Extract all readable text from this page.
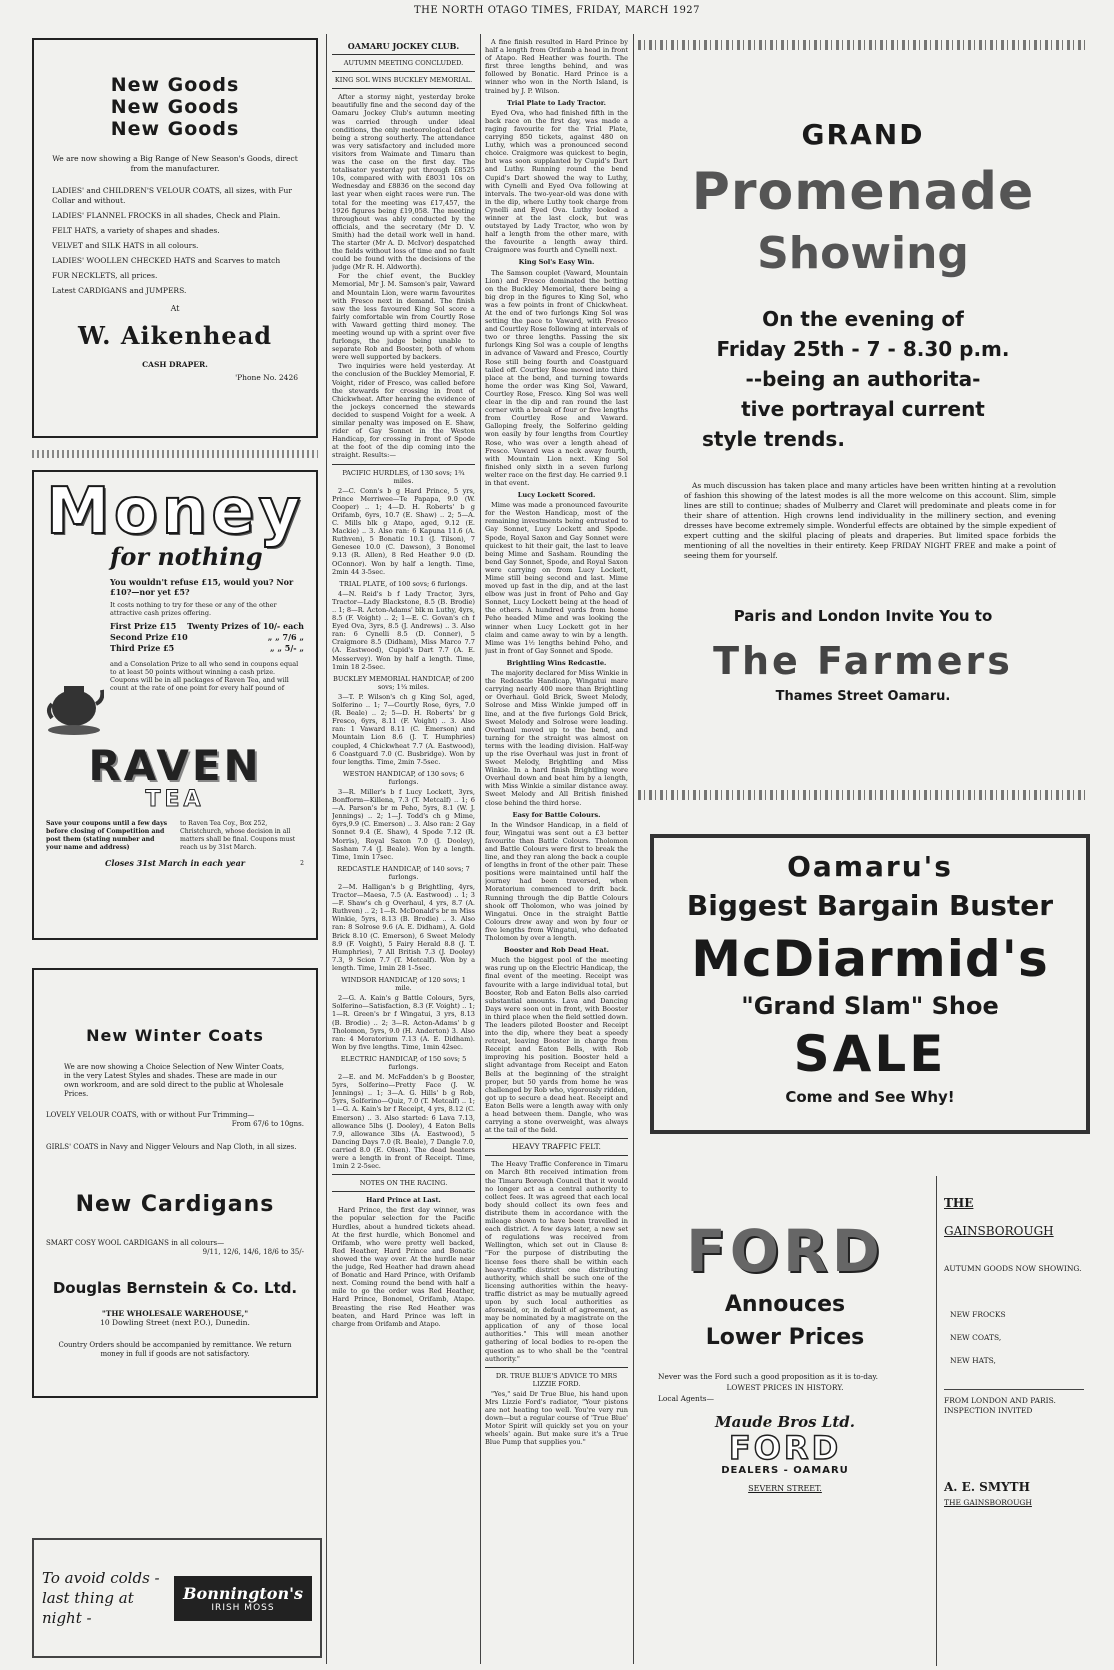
THE NORTH OTAGO TIMES, FRIDAY, MARCH 1927
New Goods
New Goods
New Goods

We are now showing a Big Range of New Season's Goods, direct from the manufacturer.

LADIES' and CHILDREN'S VELOUR COATS, all sizes, with Fur Collar and without.

LADIES' FLANNEL FROCKS in all shades, Check and Plain.

FELT HATS, a variety of shapes and shades.

VELVET and SILK HATS in all colours.

LADIES' WOOLLEN CHECKED HATS and Scarves to match

FUR NECKLETS, all prices.

Latest CARDIGANS and JUMPERS.

At
W. Aikenhead
CASH DRAPER.
'Phone No. 2426
Money
for nothing

You wouldn't refuse £15, would you? Nor £10?—nor yet £5?

It costs nothing to try for these or any of the other attractive cash prizes offering.

First Prize £15 Twenty Prizes of 10/- each
Second Prize £10	„ „ 7/6 „
Third Prize £5	„ „ 5/- „

and a Consolation Prize to all who send in coupons equal to at least 50 points without winning a cash prize. Coupons will be in all packages of Raven Tea, and will count at the rate of one point for every half pound of

RAVEN
TEA

Save your coupons until a few days before closing of Competition and post them (stating number and your name and address)

to Raven Tea Coy., Box 252, Christchurch, whose decision in all matters shall be final. Coupons must reach us by 31st March.

Closes 31st March in each year	2
New Winter Coats

We are now showing a Choice Selection of New Winter Coats, in the very Latest Styles and shades. These are made in our own workroom, and are sold direct to the public at Wholesale Prices.

LOVELY VELOUR COATS, with or without Fur Trimming—

From 67/6 to 10gns.

GIRLS' COATS in Navy and Nigger Velours and Nap Cloth, in all sizes.

New Cardigans

SMART COSY WOOL CARDIGANS in all colours—

9/11, 12/6, 14/6, 18/6 to 35/-

Douglas Bernstein & Co. Ltd.
"THE WHOLESALE WAREHOUSE,"
10 Dowling Street (next P.O.), Dunedin.

Country Orders should be accompanied by remittance. We return money in full if goods are not satisfactory.

To avoid colds -
last thing at night -
Bonnington's
IRISH MOSS
OAMARU JOCKEY CLUB.
AUTUMN MEETING CONCLUDED.
KING SOL WINS BUCKLEY MEMORIAL.

After a stormy night, yesterday broke beautifully fine and the second day of the Oamaru Jockey Club's autumn meeting was carried through under ideal conditions, the only meteorological defect being a strong southerly. The attendance was very satisfactory and included more visitors from Waimate and Timaru than was the case on the first day. The totalisator yesterday put through £8525 10s, compared with with £8031 10s on Wednesday and £8836 on the second day last year when eight races were run. The total for the meeting was £17,457, the 1926 figures being £19,058. The meeting throughout was ably conducted by the officials, and the secretary (Mr D. V. Smith) had the detail work well in hand. The starter (Mr A. D. McIvor) despatched the fields without loss of time and no fault could be found with the decisions of the judge (Mr R. H. Aldworth).

For the chief event, the Buckley Memorial, Mr J. M. Samson's pair, Vaward and Mountain Lion, were warm favourites with Fresco next in demand. The finish saw the less favoured King Sol score a fairly comfortable win from Courtly Rose with Vaward getting third money. The meeting wound up with a sprint over five furlongs, the judge being unable to separate Rob and Booster, both of whom were well supported by backers.

Two inquiries were held yesterday. At the conclusion of the Buckley Memorial, F. Voight, rider of Fresco, was called before the stewards for crossing in front of Chickwheat. After hearing the evidence of the jockeys concerned the stewards decided to suspend Voight for a week. A similar penalty was imposed on E. Shaw, rider of Gay Sonnet in the Weston Handicap, for crossing in front of Spode at the foot of the dip coming into the straight. Results:—

PACIFIC HURDLES, of 130 sovs; 1¾ miles.

2—C. Conn's b g Hard Prince, 5 yrs, Prince Merriwee—Te Papapa, 9.0 (W. Cooper) .. 1; 4—D. H. Roberts' b g Orifamb, 6yrs, 10.7 (E. Shaw) .. 2; 5—A. C. Mills blk g Atapo, aged, 9.12 (E. Mackie) .. 3. Also ran: 6 Kapuna 11.6 (A. Ruthven), 5 Bonatic 10.1 (J. Tilson), 7 Genesee 10.0 (C. Dawson), 3 Bonomel 9.13 (R. Allen), 8 Red Heather 9.0 (D. OConnor). Won by half a length. Time, 2min 44 3-5sec.

TRIAL PLATE, of 100 sovs; 6 furlongs.

4—N. Reid's b f Lady Tractor, 3yrs, Tractor—Lady Blackstone, 8.5 (B. Brodie) .. 1; 8—R. Acton-Adams' blk m Luthy, 4yrs, 8.5 (F. Voight) .. 2; 1—E. C. Govan's ch f Eyed Ova, 3yrs, 8.5 (J. Andrews) .. 3. Also ran: 6 Cynelli 8.5 (D. Conner), 5 Craigmore 8.5 (Didham), Miss Marco 7.7 (A. Eastwood), Cupid's Dart 7.7 (A. E. Messervey). Won by half a length. Time, 1min 18 2-5sec.

BUCKLEY MEMORIAL HANDICAP, of 200 sovs; 1¼ miles.

3—T. P. Wilson's ch g King Sol, aged, Solferino .. 1; 7—Courtly Rose, 6yrs, 7.0 (R. Beale) .. 2; 5—D. H. Roberts' br g Fresco, 6yrs, 8.11 (F. Voight) .. 3. Also ran: 1 Vaward 8.11 (C. Emerson) and Mountain Lion 8.6 (J. T. Humphries) coupled, 4 Chickwheat 7.7 (A. Eastwood), 6 Coastguard 7.0 (C. Busbridge). Won by four lengths. Time, 2min 7-5sec.

WESTON HANDICAP, of 130 sovs; 6 furlongs.

3—R. Miller's b f Lucy Lockett, 3yrs, Bonfform—Killena, 7.3 (T. Metcalf) .. 1; 6—A. Parson's br m Peho, 5yrs, 8.1 (W. J. Jennings) .. 2; 1—J. Todd's ch g Mime, 6yrs,9.9 (C. Emerson) .. 3. Also ran: 2 Gay Sonnet 9.4 (E. Shaw), 4 Spode 7.12 (R. Morris), Royal Saxon 7.0 (J. Dooley), Sasham 7.4 (J. Beale). Won by a length. Time, 1min 17sec.

REDCASTLE HANDICAP, of 140 sovs; 7 furlongs.

2—M. Halligan's b g Brightling, 4yrs, Tractor—Maesa, 7.5 (A. Eastwood) .. 1; 3—F. Shaw's ch g Overhaul, 4 yrs, 8.7 (A. Ruthven) .. 2; 1—R. McDonald's br m Miss Winkie, 5yrs, 8.13 (B. Brodie) .. 3. Also ran: 8 Solrose 9.6 (A. E. Didham), A. Gold Brick 8.10 (C. Emerson), 6 Sweet Melody 8.9 (F. Voight), 5 Fairy Herald 8.8 (J. T. Humphries), 7 All British 7.3 (J. Dooley) 7.3, 9 Scion 7.7 (T. Metcalf). Won by a length. Time, 1min 28 1-5sec.

WINDSOR HANDICAP, of 120 sovs; 1 mile.

2—G. A. Kain's g Battle Colours, 5yrs, Solferino—Satisfaction, 8.3 (F. Voight) .. 1; 1—R. Green's br f Wingatui, 3 yrs, 8.13 (B. Brodie) .. 2; 3—R. Acton-Adams' b g Tholomon, 5yrs, 9.0 (H. Anderton) 3. Also ran: 4 Moratorium 7.13 (A. E. Didham). Won by five lengths. Time, 1min 42sec.

ELECTRIC HANDICAP, of 150 sovs; 5 furlongs.

2—E. and M. McFadden's b g Booster, 5yrs, Solferino—Pretty Face (J. W. Jennings) .. 1; 3—A. G. Hills' b g Rob, 5yrs, Solferino—Quiz, 7.0 (T. Metcalf) .. 1; 1—G. A. Kain's br f Receipt, 4 yrs, 8.12 (C. Emerson) .. 3. Also started: 6 Lava 7.13, allowance 5lbs (J. Dooley), 4 Eaton Bells 7.9, allowance 3lbs (A. Eastwood), 5 Dancing Days 7.0 (R. Beale), 7 Dangle 7.0, carried 8.0 (E. Olsen). The dead heaters were a length in front of Receipt. Time, 1min 2 2-5sec.

NOTES ON THE RACING.
Hard Prince at Last.

Hard Prince, the first day winner, was the popular selection for the Pacific Hurdles, about a hundred tickets ahead. At the first hurdle, which Bonomel and Orifamb, who were pretty well backed, Red Heather, Hard Prince and Bonatic showed the way over. At the hurdle near the judge, Red Heather had drawn ahead of Bonatic and Hard Prince, with Orifamb next. Coming round the bend with half a mile to go the order was Red Heather, Hard Prince, Bonomel, Orifamb, Atapo. Breasting the rise Red Heather was beaten, and Hard Prince was left in charge from Orifamb and Atapo.

A fine finish resulted in Hard Prince by half a length from Orifamb a head in front of Atapo. Red Heather was fourth. The first three lengths behind, and was followed by Bonatic. Hard Prince is a winner who won in the North Island, is trained by J. P. Wilson.

Trial Plate to Lady Tractor.

Eyed Ova, who had finished fifth in the back race on the first day, was made a raging favourite for the Trial Plate, carrying 850 tickets, against 480 on Luthy, which was a pronounced second choice. Craigmore was quickest to begin, but was soon supplanted by Cupid's Dart and Luthy. Running round the bend Cupid's Dart showed the way to Luthy, with Cynelli and Eyed Ova following at intervals. The two-year-old was done with in the dip, where Luthy took charge from Cynelli and Eyed Ova. Luthy looked a winner at the last clock, but was outstayed by Lady Tractor, who won by half a length from the other mare, with the favourite a length away third. Craigmore was fourth and Cynelli next.

King Sol's Easy Win.

The Samson couplet (Vaward, Mountain Lion) and Fresco dominated the betting on the Buckley Memorial, there being a big drop in the figures to King Sol, who was a few points in front of Chickwheat. At the end of two furlongs King Sol was setting the pace to Vaward, with Fresco and Courtley Rose following at intervals of two or three lengths. Passing the six furlongs King Sol was a couple of lengths in advance of Vaward and Fresco, Courtly Rose still being fourth and Coastguard tailed off. Courtley Rose moved into third place at the bend, and turning towards home the order was King Sol, Vaward, Courtley Rose, Fresco. King Sol was well clear in the dip and ran round the last corner with a break of four or five lengths from Courtley Rose and Vaward. Galloping freely, the Solferino gelding won easily by four lengths from Courtley Rose, who was over a length ahead of Fresco. Vaward was a neck away fourth, with Mountain Lion next. King Sol finished only sixth in a seven furlong welter race on the first day. He carried 9.1 in that event.

Lucy Lockett Scored.

Mime was made a pronounced favourite for the Weston Handicap, most of the remaining investments being entrusted to Gay Sonnet, Lucy Lockett and Spode. Spode, Royal Saxon and Gay Sonnet were quickest to hit their gait, the last to leave being Mime and Sasham. Rounding the bend Gay Sonnet, Spode, and Royal Saxon were carrying on from Lucy Lockett, Mime still being second and last. Mime moved up fast in the dip, and at the last elbow was just in front of Peho and Gay Sonnet, Lucy Lockett being at the head of the others. A hundred yards from home Peho headed Mime and was looking the winner when Lucy Lockett got in her claim and came away to win by a length. Mime was 1½ lengths behind Peho, and just in front of Gay Sonnet and Spode.

Brightling Wins Redcastle.

The majority declared for Miss Winkie in the Redcastle Handicap, Wingatui mare carrying nearly 400 more than Brightling or Overhaul. Gold Brick, Sweet Melody, Solrose and Miss Winkie jumped off in line, and at the five furlongs Gold Brick, Sweet Melody and Solrose were leading. Overhaul moved up to the bend, and turning for the straight was almost on terms with the leading division. Half-way up the rise Overhaul was just in front of Sweet Melody, Brightling and Miss Winkie. In a hard finish Brightling wore Overhaul down and beat him by a length, with Miss Winkie a similar distance away. Sweet Melody and All British finished close behind the third horse.

Easy for Battle Colours.

In the Windsor Handicap, in a field of four, Wingatui was sent out a £3 better favourite than Battle Colours. Tholomon and Battle Colours were first to break the line, and they ran along the back a couple of lengths in front of the other pair. These positions were maintained until half the journey had been traversed, when Moratorium commenced to drift back. Running through the dip Battle Colours shook off Tholomon, who was joined by Wingatui. Once in the straight Battle Colours drew away and won by four or five lengths from Wingatui, who defeated Tholomon by over a length.

Booster and Rob Dead Heat.

Much the biggest pool of the meeting was rung up on the Electric Handicap, the final event of the meeting. Receipt was favourite with a large individual total, but Booster, Rob and Eaton Bells also carried substantial amounts. Lava and Dancing Days were soon out in front, with Booster in third place when the field settled down. The leaders piloted Booster and Receipt into the dip, where they beat a speedy retreat, leaving Booster in charge from Receipt and Eaton Bells, with Rob improving his position. Booster held a slight advantage from Receipt and Eaton Bells at the beginning of the straight proper, but 50 yards from home he was challenged by Rob who, vigorously ridden, got up to secure a dead heat. Receipt and Eaton Bells were a length away with only a head between them. Dangle, who was carrying a stone overweight, was always at the tail of the field.

HEAVY TRAFFIC FELT.

The Heavy Traffic Conference in Timaru on March 8th received intimation from the Timaru Borough Council that it would no longer act as a central authority to collect fees. It was agreed that each local body should collect its own fees and distribute them in accordance with the mileage shown to have been travelled in each district. A few days later, a new set of regulations was received from Wellington, which set out in Clause 8: "For the purpose of distributing the license fees there shall be within each heavy-traffic district one distributing authority, which shall be such one of the licensing authorities within the heavy-traffic district as may be mutually agreed upon by such local authorities as aforesaid, or, in default of agreement, as may be nominated by a magistrate on the application of any of those local authorities." This will mean another gathering of local bodies to re-open the question as to who shall be the "central authority."

DR. TRUE BLUE'S ADVICE TO MRS LIZZIE FORD.

"Yes," said Dr True Blue, his hand upon Mrs Lizzie Ford's radiator, "Your pistons are not heating too well. You're very run down—but a regular course of 'True Blue' Motor Spirit will quickly set you on your wheels' again. But make sure it's a True Blue Pump that supplies you."

GRAND
Promenade
Showing
On the evening of
Friday 25th - 7 - 8.30 p.m.
--being an authorita-
tive portrayal current
style trends.

As much discussion has taken place and many articles have been written hinting at a revolution of fashion this showing of the latest modes is all the more welcome on this account. Slim, simple lines are still to continue; shades of Mulberry and Claret will predominate and pleats come in for their share of attention. High crowns lend individuality in the millinery section, and evening dresses have become extremely simple. Wonderful effects are obtained by the simple expedient of expert cutting and the skilful placing of pleats and draperies. But limited space forbids the mentioning of all the novelties in their entirety. Keep FRIDAY NIGHT FREE and make a point of seeing them for yourself.

Paris and London Invite You to
The Farmers
Thames Street Oamaru.
Oamaru's
Biggest Bargain Buster
McDiarmid's
"Grand Slam" Shoe
SALE
Come and See Why!
FORD
Annouces
Lower Prices

Never was the Ford such a good proposition as it is to-day.

LOWEST PRICES IN HISTORY.

Local Agents—

Maude Bros Ltd.
FORD
DEALERS - OAMARU
SEVERN STREET.
THE
GAINSBOROUGH
AUTUMN GOODS NOW SHOWING.
NEW FROCKS
NEW COATS,
NEW HATS,
FROM LONDON AND PARIS. INSPECTION INVITED
A. E. SMYTH
THE GAINSBOROUGH
